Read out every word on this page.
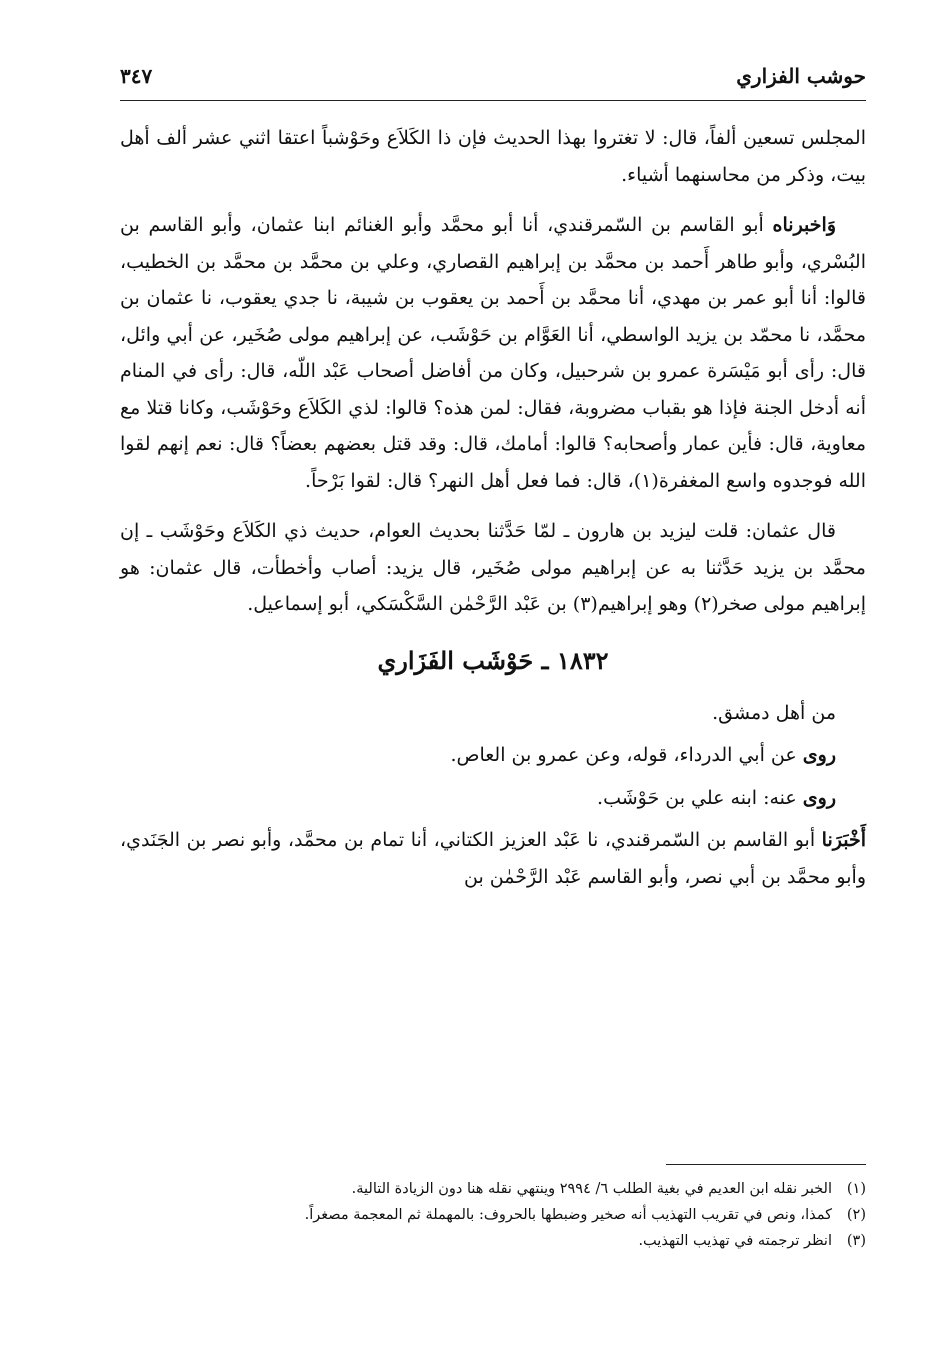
حوشب الفزاري
٣٤٧

المجلس تسعين ألفاً، قال: لا تغتروا بهذا الحديث فإن ذا الكَلاَع وحَوْشباً اعتقا اثني عشر ألف أهل بيت، وذكر من محاسنهما أشياء.

وَاخبرناه أبو القاسم بن السّمرقندي، أنا أبو محمَّد وأبو الغنائم ابنا عثمان، وأبو القاسم بن البُسْري، وأبو طاهر أَحمد بن محمَّد بن إبراهيم القصاري، وعلي بن محمَّد بن محمَّد بن الخطيب، قالوا: أنا أبو عمر بن مهدي، أنا محمَّد بن أَحمد بن يعقوب بن شيبة، نا جدي يعقوب، نا عثمان بن محمَّد، نا محمّد بن يزيد الواسطي، أنا العَوَّام بن حَوْشَب، عن إبراهيم مولى صُخَير، عن أبي وائل، قال: رأى أبو مَيْسَرة عمرو بن شرحبيل، وكان من أفاضل أصحاب عَبْد اللّه، قال: رأى في المنام أنه أدخل الجنة فإذا هو بقباب مضروبة، فقال: لمن هذه؟ قالوا: لذي الكَلاَع وحَوْشَب، وكانا قتلا مع معاوية، قال: فأين عمار وأصحابه؟ قالوا: أمامك، قال: وقد قتل بعضهم بعضاً؟ قال: نعم إنهم لقوا الله فوجدوه واسع المغفرة(١)، قال: فما فعل أهل النهر؟ قال: لقوا بَرْحاً.

قال عثمان: قلت ليزيد بن هارون ـ لمّا حَدَّثنا بحديث العوام، حديث ذي الكَلاَع وحَوْشَب ـ إن محمَّد بن يزيد حَدَّثنا به عن إبراهيم مولى صُخَير، قال يزيد: أصاب وأخطأت، قال عثمان: هو إبراهيم مولى صخر(٢) وهو إبراهيم(٣) بن عَبْد الرَّحْمٰن السَّكْسَكي، أبو إسماعيل.

١٨٣٢ ـ حَوْشَب الفَزَاري

من أهل دمشق.

روى عن أبي الدرداء، قوله، وعن عمرو بن العاص.

روى عنه: ابنه علي بن حَوْشَب.

أَخْبَرَنا أبو القاسم بن السّمرقندي، نا عَبْد العزيز الكتاني، أنا تمام بن محمَّد، وأبو نصر بن الجَنَدي، وأبو محمَّد بن أبي نصر، وأبو القاسم عَبْد الرَّحْمٰن بن

(١)الخبر نقله ابن العديم في بغية الطلب ٦/ ٢٩٩٤ وينتهي نقله هنا دون الزيادة التالية.
(٢)كمذا، ونص في تقريب التهذيب أنه صخير وضبطها بالحروف: بالمهملة ثم المعجمة مصغراً.
(٣)انظر ترجمته في تهذيب التهذيب.
